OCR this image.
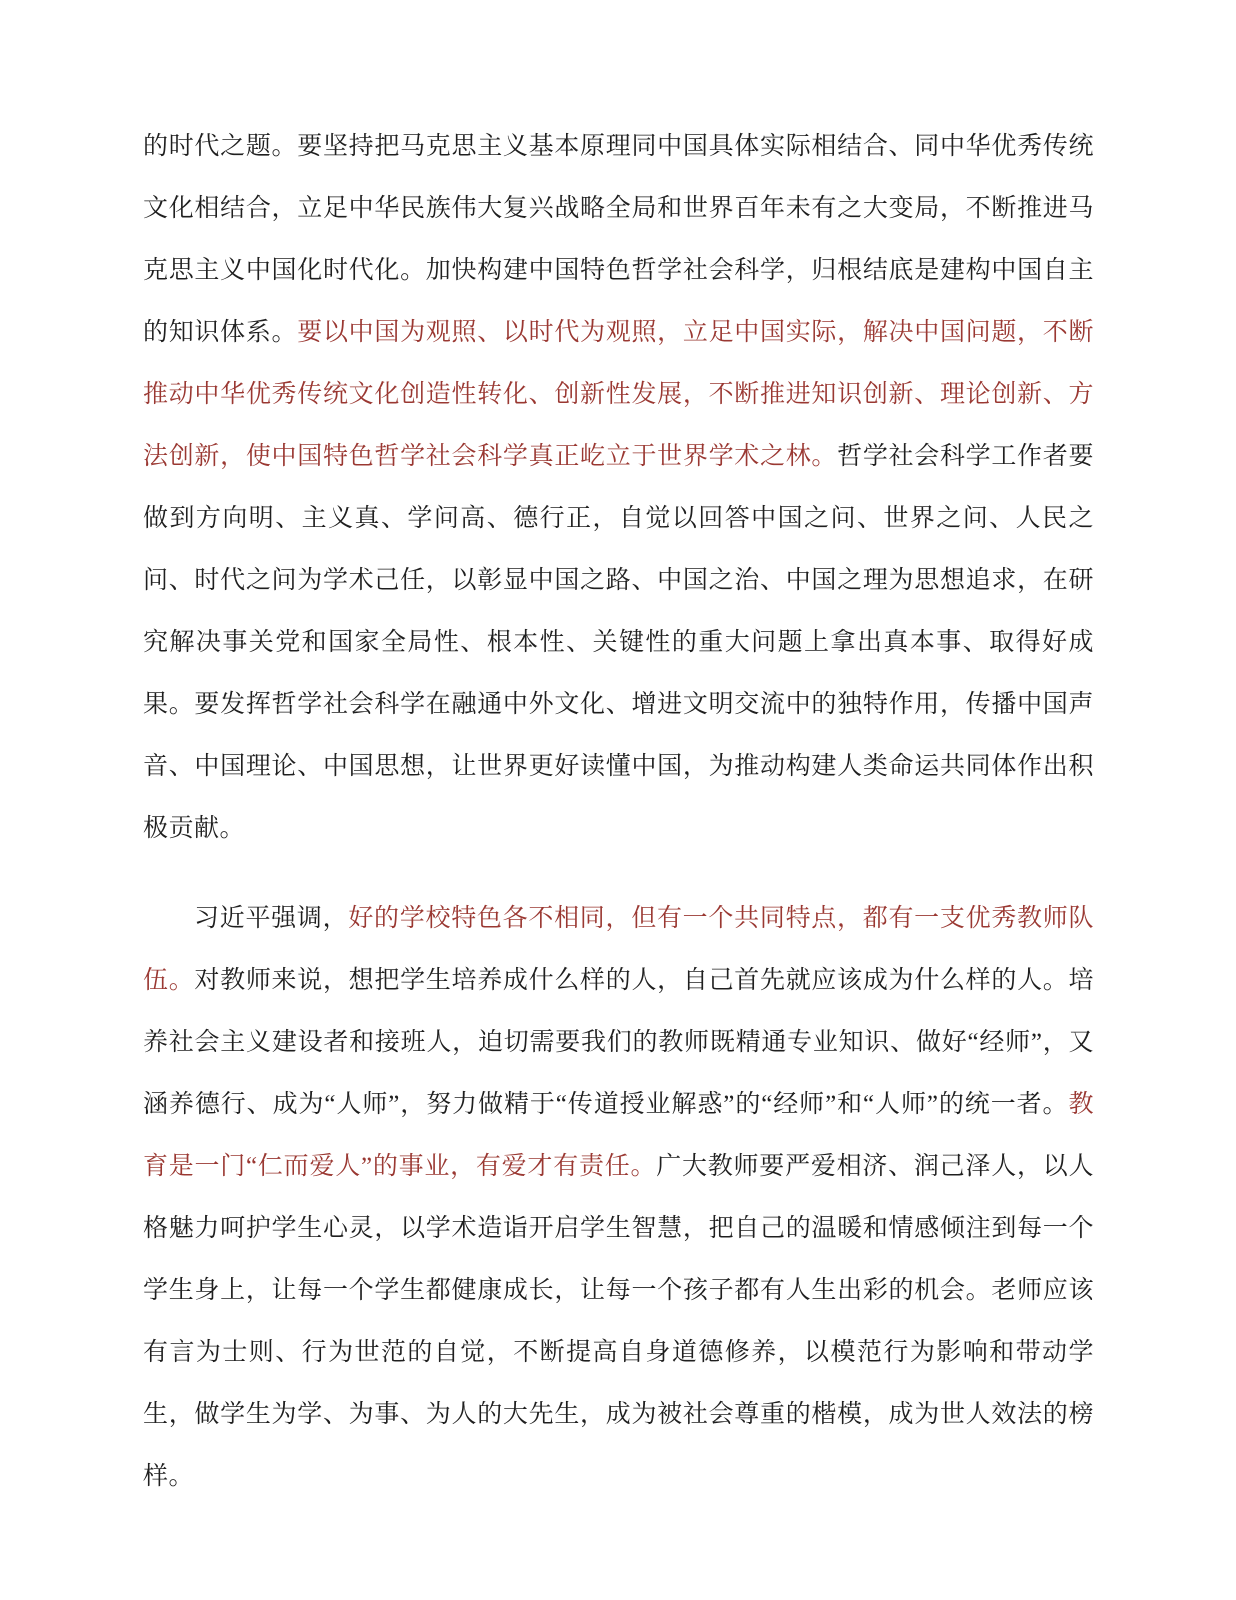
的时代之题。要坚持把马克思主义基本原理同中国具体实际相结合、同中华优秀传统文化相结合，立足中华民族伟大复兴战略全局和世界百年未有之大变局，不断推进马克思主义中国化时代化。加快构建中国特色哲学社会科学，归根结底是建构中国自主的知识体系。要以中国为观照、以时代为观照，立足中国实际，解决中国问题，不断推动中华优秀传统文化创造性转化、创新性发展，不断推进知识创新、理论创新、方法创新，使中国特色哲学社会科学真正屹立于世界学术之林。哲学社会科学工作者要做到方向明、主义真、学问高、德行正，自觉以回答中国之问、世界之问、人民之问、时代之问为学术己任，以彰显中国之路、中国之治、中国之理为思想追求，在研究解决事关党和国家全局性、根本性、关键性的重大问题上拿出真本事、取得好成果。要发挥哲学社会科学在融通中外文化、增进文明交流中的独特作用，传播中国声音、中国理论、中国思想，让世界更好读懂中国，为推动构建人类命运共同体作出积极贡献。

习近平强调，好的学校特色各不相同，但有一个共同特点，都有一支优秀教师队伍。对教师来说，想把学生培养成什么样的人，自己首先就应该成为什么样的人。培养社会主义建设者和接班人，迫切需要我们的教师既精通专业知识、做好“经师”，又涵养德行、成为“人师”，努力做精于“传道授业解惑”的“经师”和“人师”的统一者。教育是一门“仁而爱人”的事业，有爱才有责任。广大教师要严爱相济、润己泽人，以人格魅力呵护学生心灵，以学术造诣开启学生智慧，把自己的温暖和情感倾注到每一个学生身上，让每一个学生都健康成长，让每一个孩子都有人生出彩的机会。老师应该有言为士则、行为世范的自觉，不断提高自身道德修养，以模范行为影响和带动学生，做学生为学、为事、为人的大先生，成为被社会尊重的楷模，成为世人效法的榜样。
